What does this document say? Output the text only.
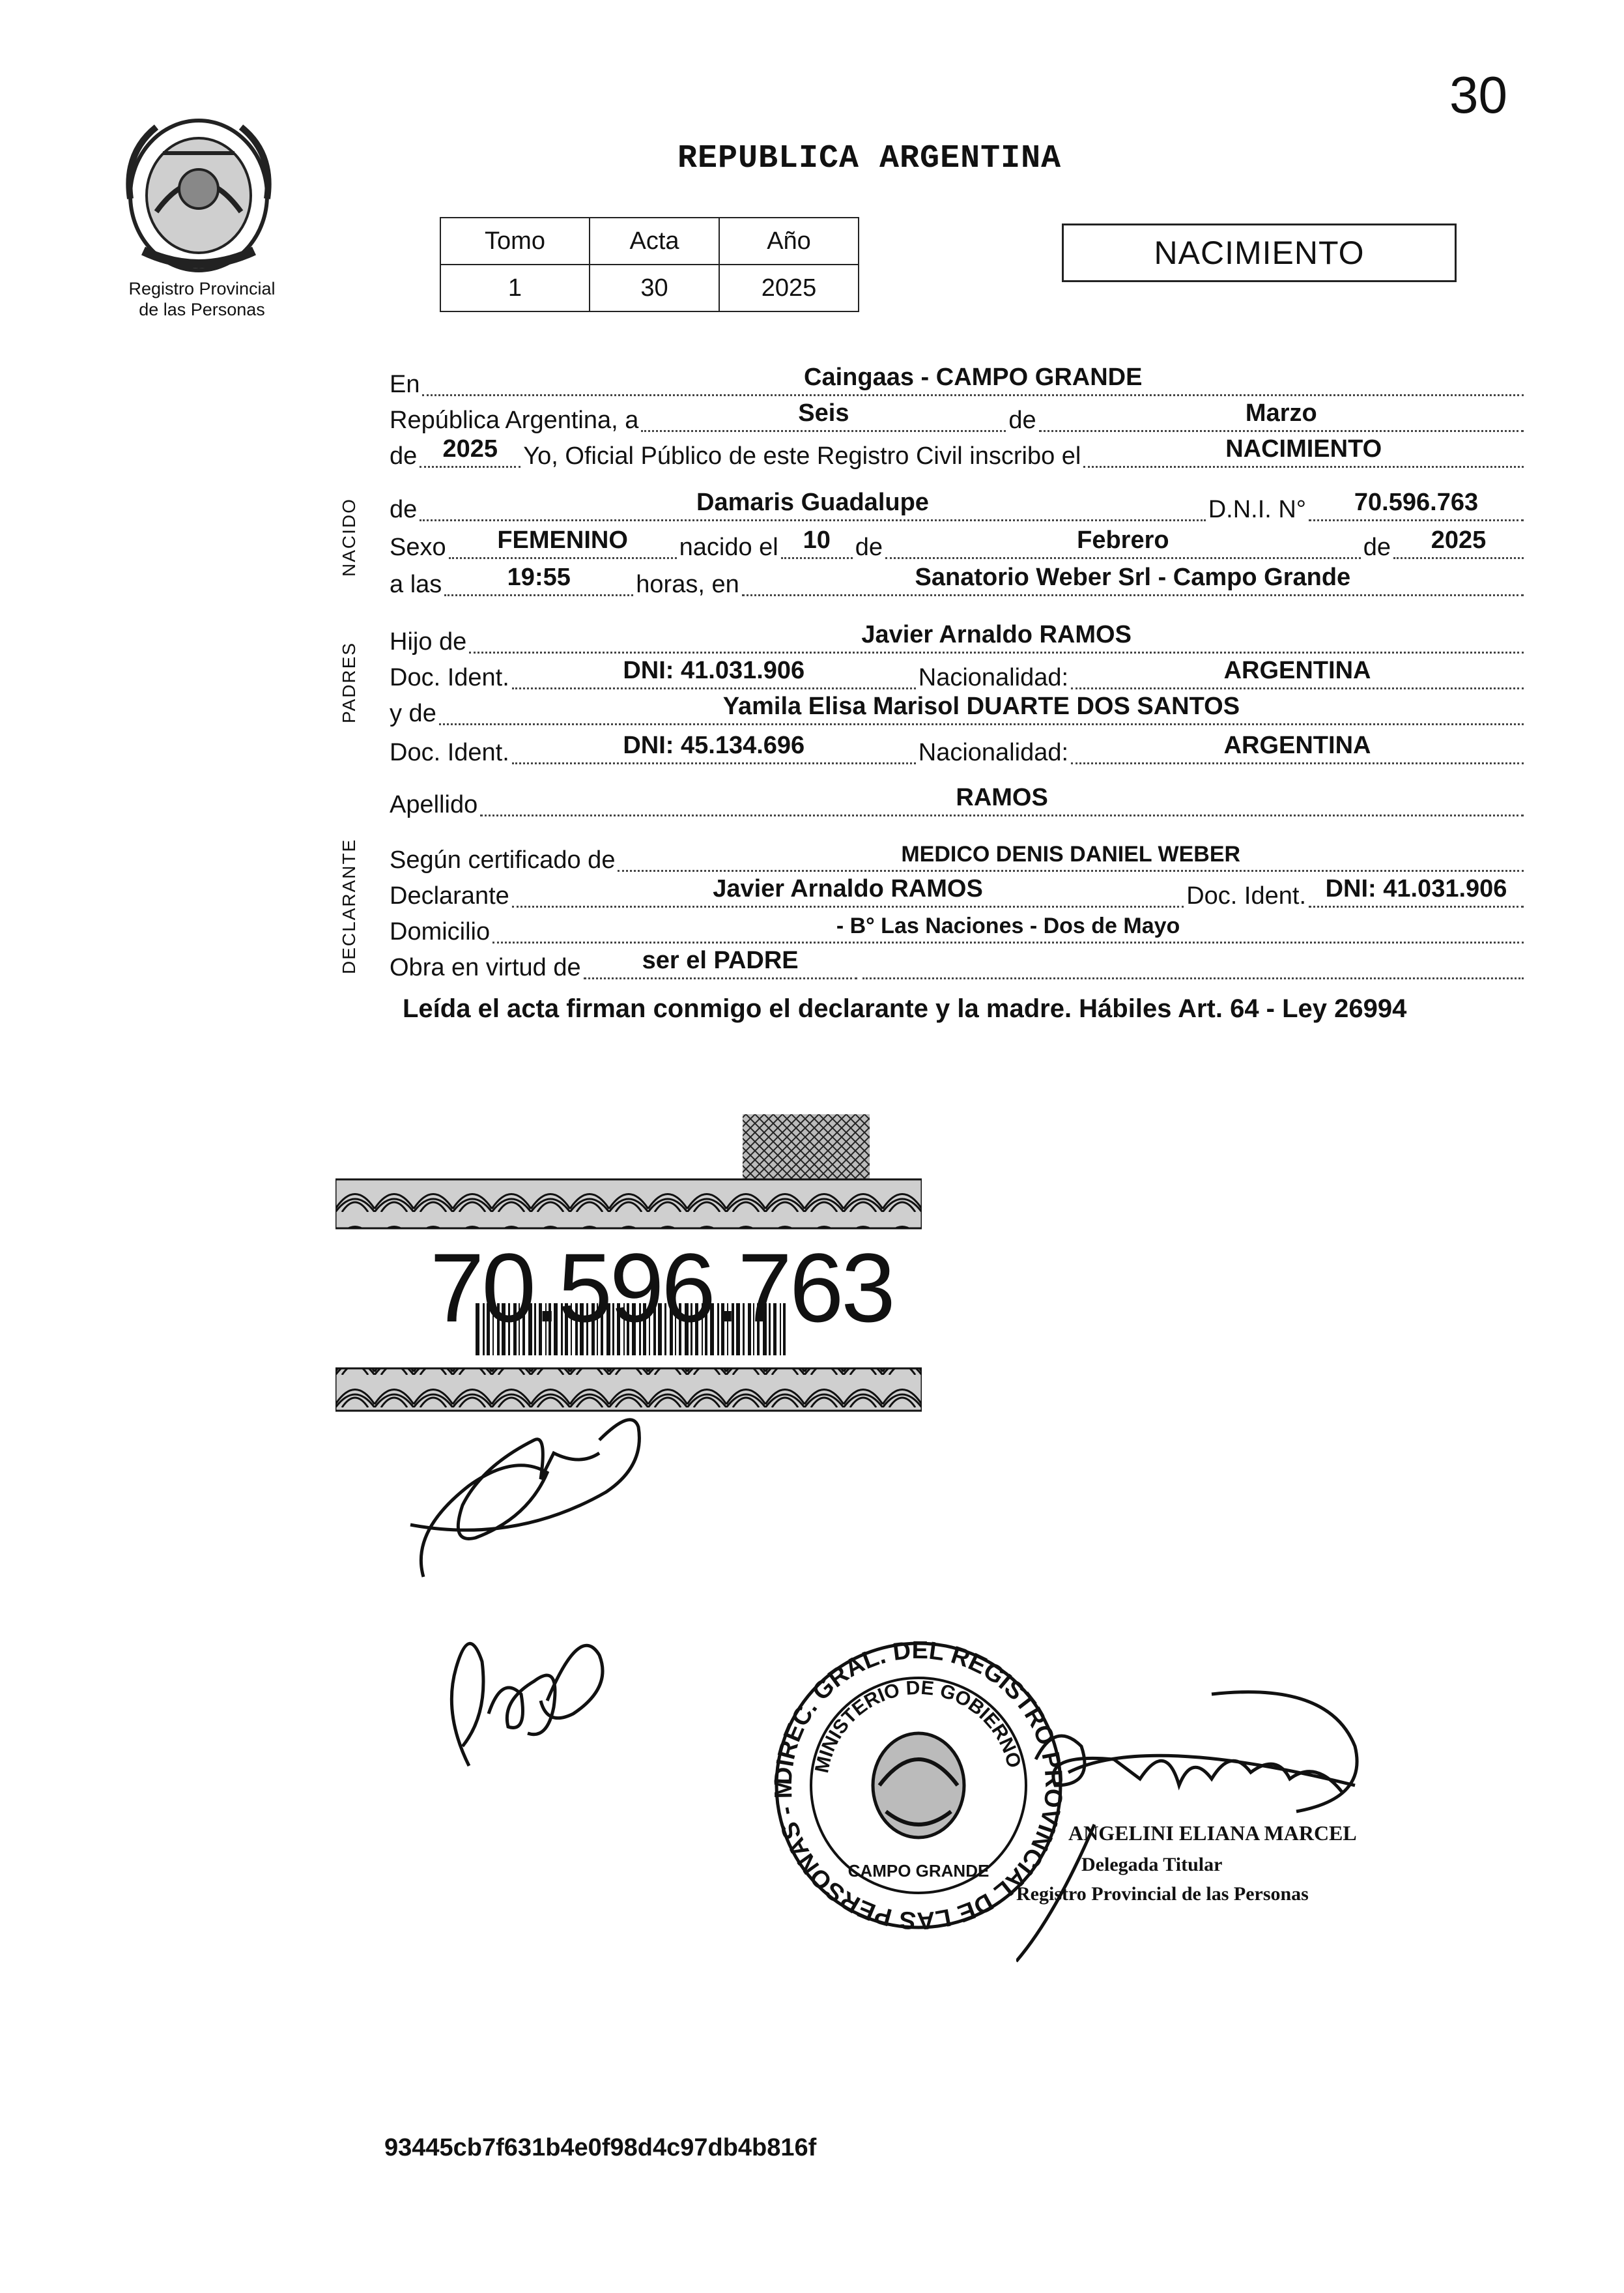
30
Registro Provincial
de las Personas
REPUBLICA ARGENTINA
Tomo	Acta	Año
1	30	2025
NACIMIENTO
NACIDO
PADRES
DECLARANTE
En	Caingaas - CAMPO GRANDE
República Argentina, a	Seis	de	Marzo
de	2025	Yo, Oficial Público de este Registro Civil inscribo el	NACIMIENTO
de	Damaris Guadalupe	D.N.I. N°	70.596.763
Sexo	FEMENINO	nacido el 10 de	Febrero	de	2025
a las	19:55	horas, en	Sanatorio Weber Srl - Campo Grande
Hijo de	Javier Arnaldo RAMOS
Doc. Ident.	DNI: 41.031.906	Nacionalidad:	ARGENTINA
y de	Yamila Elisa Marisol DUARTE DOS SANTOS
Doc. Ident.	DNI: 45.134.696	Nacionalidad:	ARGENTINA
Apellido	RAMOS
Según certificado de	MEDICO DENIS DANIEL WEBER
Declarante	Javier Arnaldo RAMOS	Doc. Ident. DNI: 41.031.906
Domicilio	- B° Las Naciones - Dos de Mayo
Obra en virtud de	ser el PADRE
Leída el acta firman conmigo el declarante y la madre. Hábiles Art. 64 - Ley 26994
70.596.763
DIREC. GRAL. DEL REGISTRO PROVINCIAL DE LAS PERSONAS - M
MINISTERIO DE GOBIERNO
CAMPO GRANDE
ANGELINI ELIANA MARCEL
Delegada Titular
Registro Provincial de las Personas
93445cb7f631b4e0f98d4c97db4b816f
